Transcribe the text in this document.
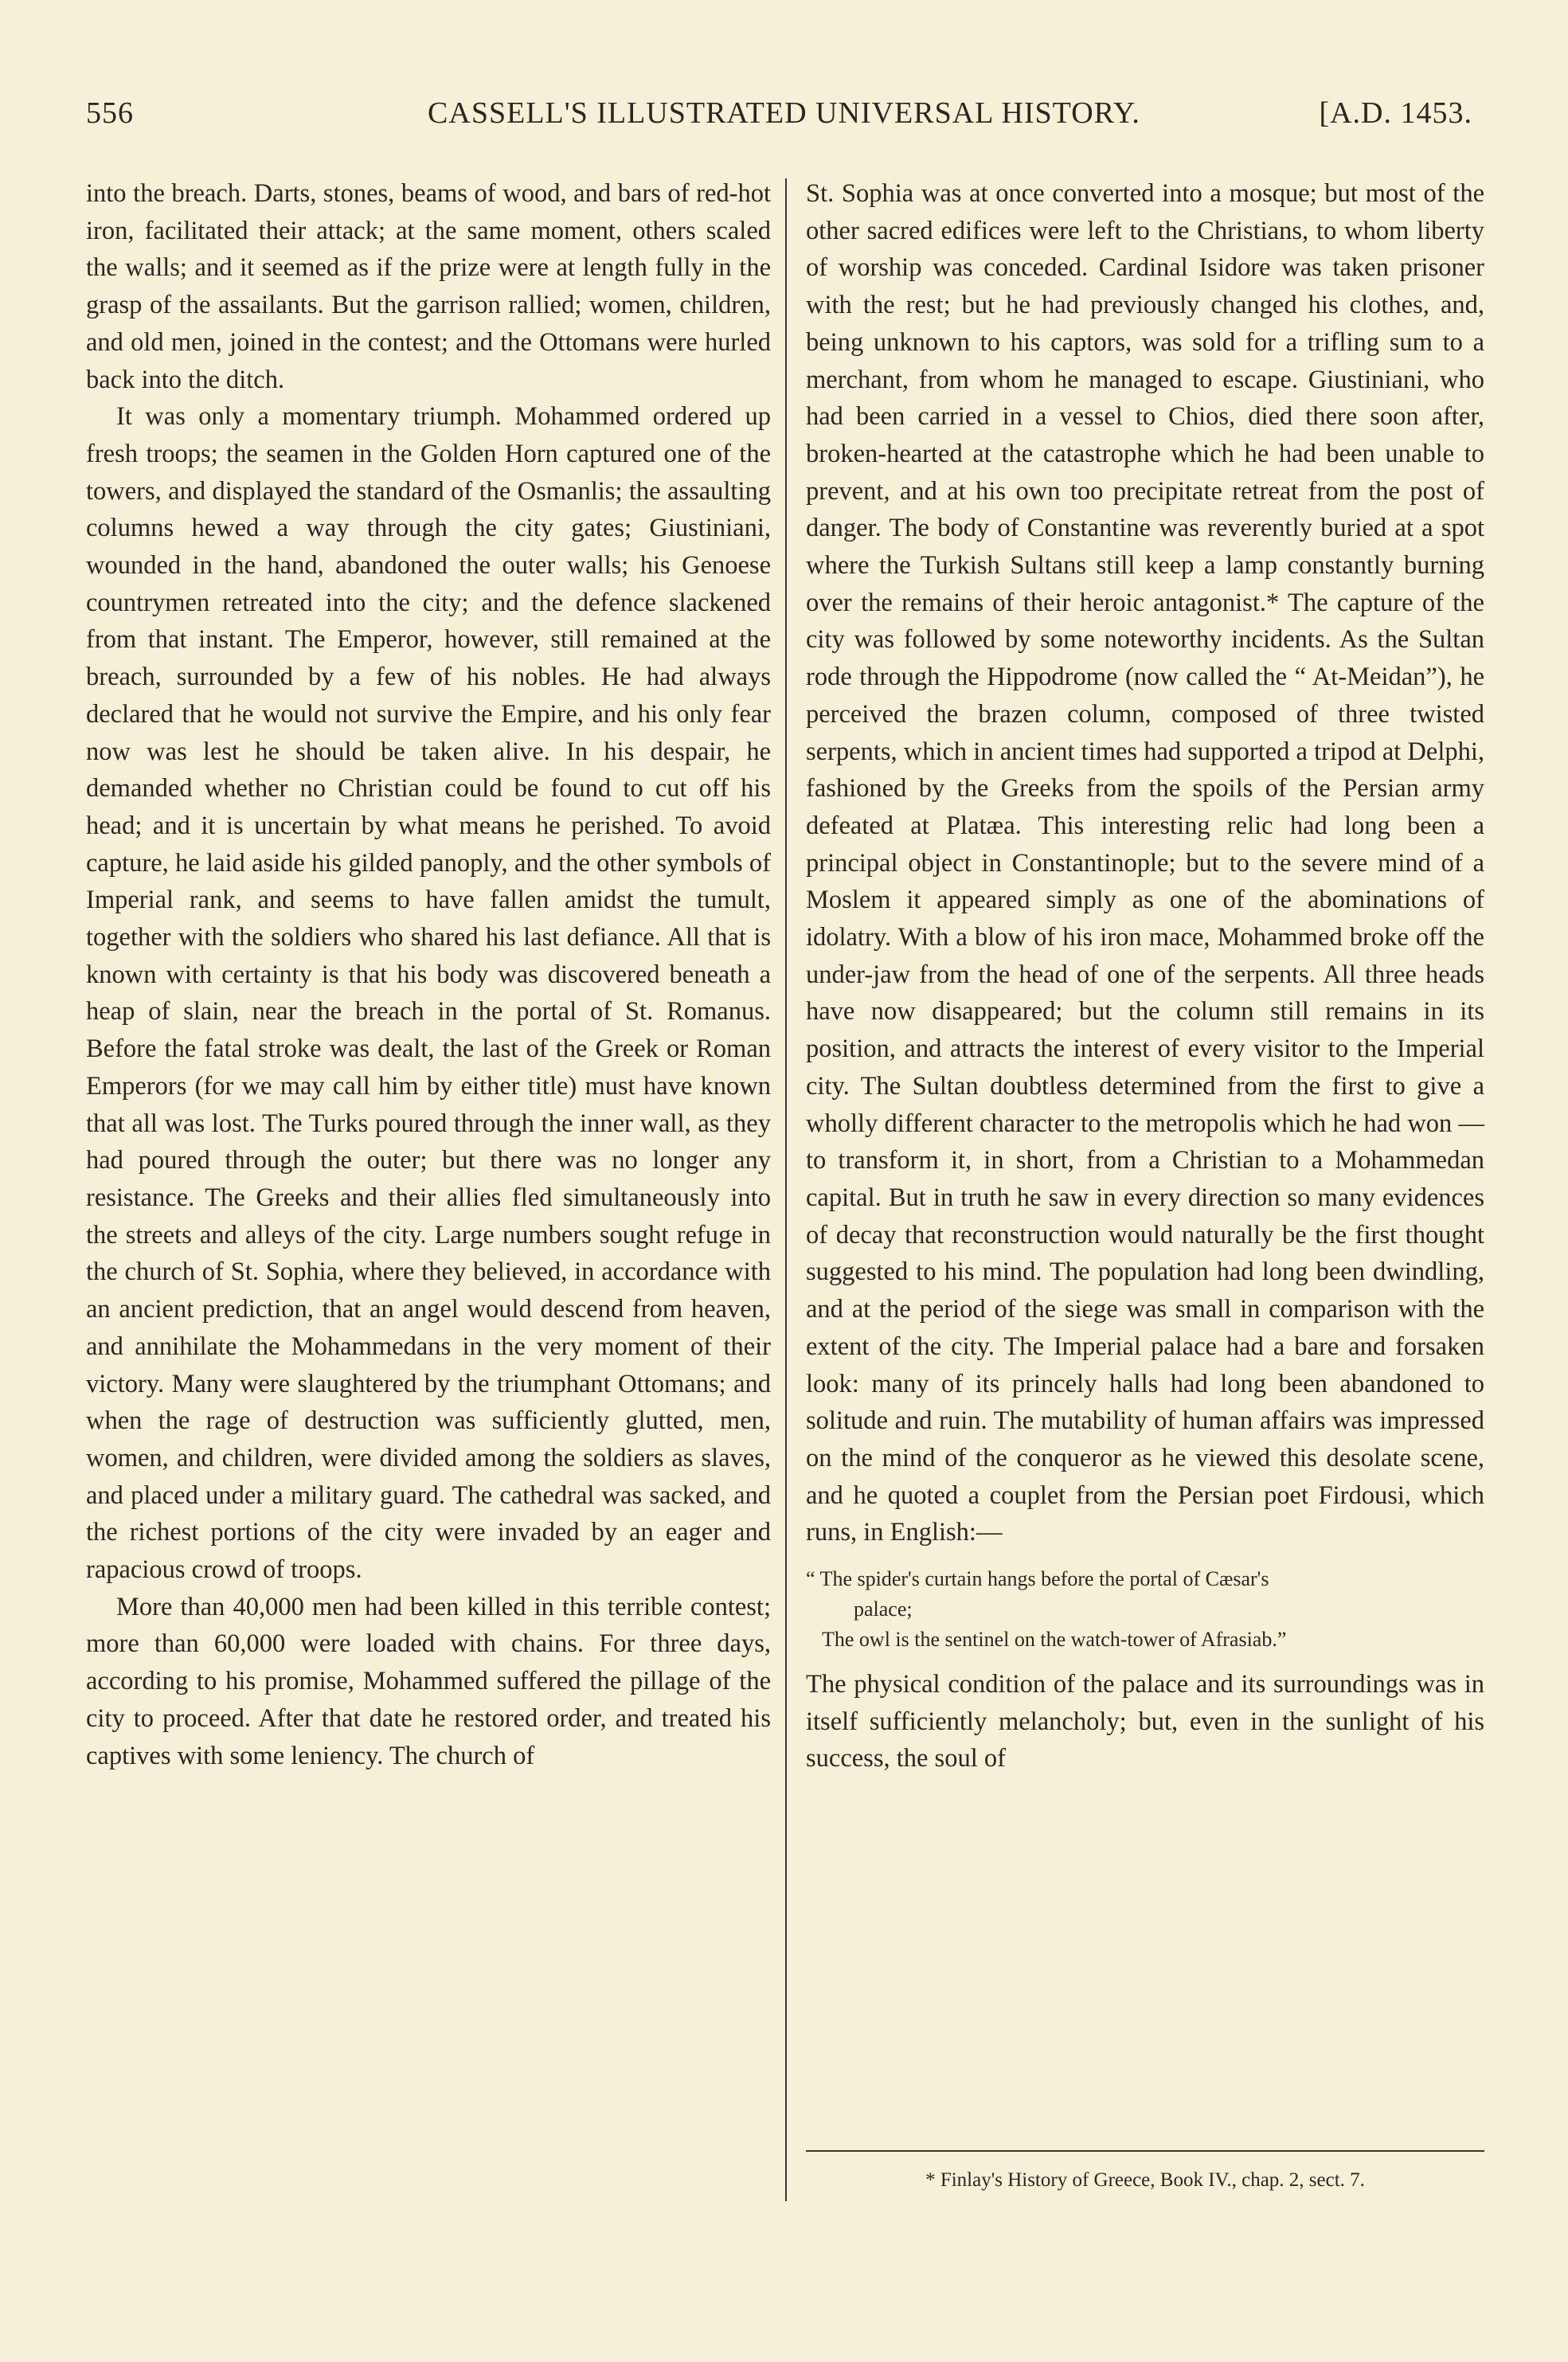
556	CASSELL'S ILLUSTRATED UNIVERSAL HISTORY.	[A.D. 1453.

into the breach. Darts, stones, beams of wood, and bars of red-hot iron, facilitated their attack; at the same moment, others scaled the walls; and it seemed as if the prize were at length fully in the grasp of the assailants. But the garrison rallied; women, children, and old men, joined in the contest; and the Ottomans were hurled back into the ditch.

It was only a momentary triumph. Mohammed ordered up fresh troops; the seamen in the Golden Horn captured one of the towers, and displayed the standard of the Osmanlis; the assaulting columns hewed a way through the city gates; Giustiniani, wounded in the hand, abandoned the outer walls; his Genoese countrymen retreated into the city; and the defence slackened from that instant. The Emperor, however, still remained at the breach, surrounded by a few of his nobles. He had always declared that he would not survive the Empire, and his only fear now was lest he should be taken alive. In his despair, he demanded whether no Christian could be found to cut off his head; and it is uncertain by what means he perished. To avoid capture, he laid aside his gilded panoply, and the other symbols of Imperial rank, and seems to have fallen amidst the tumult, together with the soldiers who shared his last defiance. All that is known with certainty is that his body was discovered beneath a heap of slain, near the breach in the portal of St. Romanus. Before the fatal stroke was dealt, the last of the Greek or Roman Emperors (for we may call him by either title) must have known that all was lost. The Turks poured through the inner wall, as they had poured through the outer; but there was no longer any resistance. The Greeks and their allies fled simultaneously into the streets and alleys of the city. Large numbers sought refuge in the church of St. Sophia, where they believed, in accordance with an ancient prediction, that an angel would descend from heaven, and annihilate the Mohammedans in the very moment of their victory. Many were slaughtered by the triumphant Ottomans; and when the rage of destruction was sufficiently glutted, men, women, and children, were divided among the soldiers as slaves, and placed under a military guard. The cathedral was sacked, and the richest portions of the city were invaded by an eager and rapacious crowd of troops.

More than 40,000 men had been killed in this terrible contest; more than 60,000 were loaded with chains. For three days, according to his promise, Mohammed suffered the pillage of the city to proceed. After that date he restored order, and treated his captives with some leniency. The church of

St. Sophia was at once converted into a mosque; but most of the other sacred edifices were left to the Christians, to whom liberty of worship was conceded. Cardinal Isidore was taken prisoner with the rest; but he had previously changed his clothes, and, being unknown to his captors, was sold for a trifling sum to a merchant, from whom he managed to escape. Giustiniani, who had been carried in a vessel to Chios, died there soon after, broken-hearted at the catastrophe which he had been unable to prevent, and at his own too precipitate retreat from the post of danger. The body of Constantine was reverently buried at a spot where the Turkish Sultans still keep a lamp constantly burning over the remains of their heroic antagonist.* The capture of the city was followed by some noteworthy incidents. As the Sultan rode through the Hippodrome (now called the “ At-Meidan”), he perceived the brazen column, composed of three twisted serpents, which in ancient times had supported a tripod at Delphi, fashioned by the Greeks from the spoils of the Persian army defeated at Platæa. This interesting relic had long been a principal object in Constantinople; but to the severe mind of a Moslem it appeared simply as one of the abominations of idolatry. With a blow of his iron mace, Mohammed broke off the under-jaw from the head of one of the serpents. All three heads have now disappeared; but the column still remains in its position, and attracts the interest of every visitor to the Imperial city. The Sultan doubtless determined from the first to give a wholly different character to the metropolis which he had won —to transform it, in short, from a Christian to a Mohammedan capital. But in truth he saw in every direction so many evidences of decay that reconstruction would naturally be the first thought suggested to his mind. The population had long been dwindling, and at the period of the siege was small in comparison with the extent of the city. The Imperial palace had a bare and forsaken look: many of its princely halls had long been abandoned to solitude and ruin. The mutability of human affairs was impressed on the mind of the conqueror as he viewed this desolate scene, and he quoted a couplet from the Persian poet Firdousi, which runs, in English:—

“ The spider's curtain hangs before the portal of Cæsar's
palace;
The owl is the sentinel on the watch-tower of Afrasiab.”

The physical condition of the palace and its surroundings was in itself sufficiently melancholy; but, even in the sunlight of his success, the soul of

* Finlay's History of Greece, Book IV., chap. 2, sect. 7.
